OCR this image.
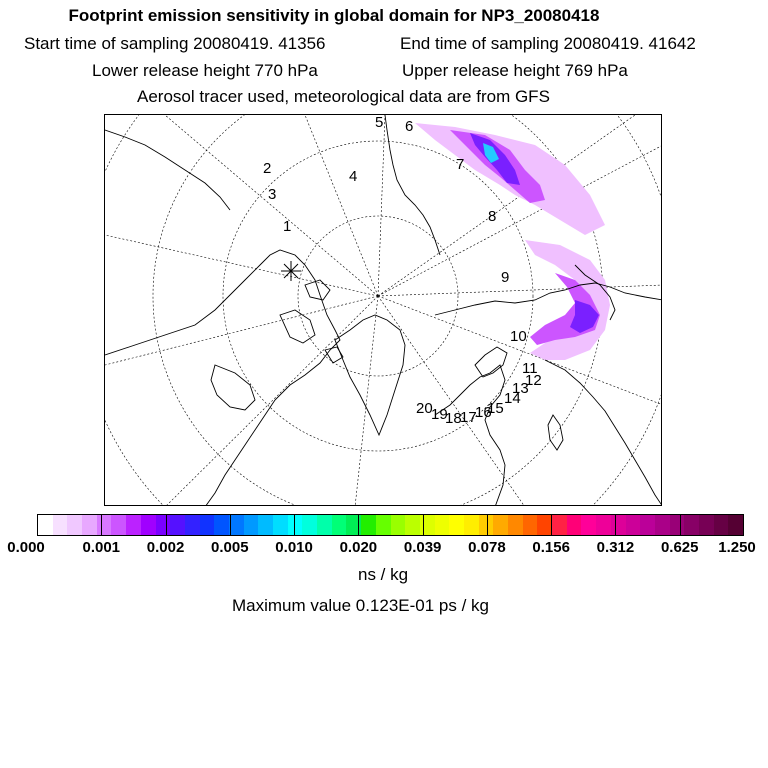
Footprint emission sensitivity in global domain for NP3_20080418
Start time of sampling 20080419. 41356	End time of sampling 20080419. 41642
Lower release height 770 hPa	Upper release height 769 hPa
Aerosol tracer used, meteorological data are from GFS
1
2
3
4
5 6
7
8
9
10
11
12
13
14
15
16
17
18
19
20
0.000	0.001 0.002 0.005 0.010 0.020 0.039 0.078 0.156 0.312 0.625 1.250
ns / kg
Maximum value 0.123E-01 ps / kg
